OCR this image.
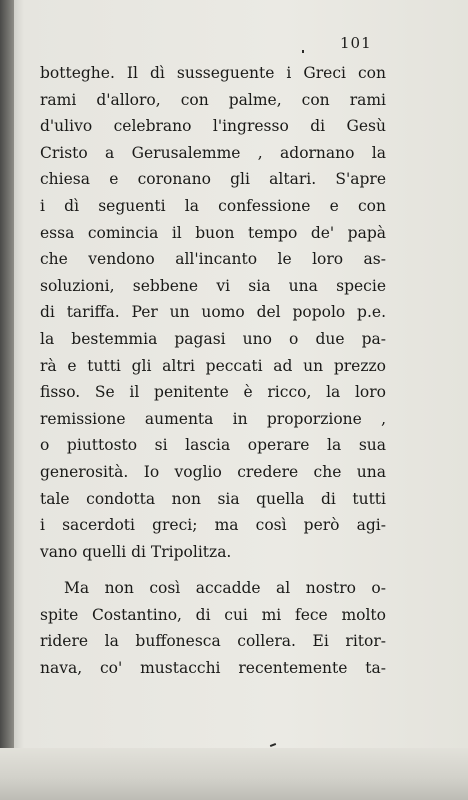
101
botteghe. Il dì susseguente i Greci con
rami d'alloro, con palme, con rami
d'ulivo celebrano l'ingresso di Gesù
Cristo a Gerusalemme , adornano la
chiesa e coronano gli altari. S'apre
i dì seguenti la confessione e con
essa comincia il buon tempo de' papà
che vendono all'incanto le loro as-
soluzioni, sebbene vi sia una specie
di tariffa. Per un uomo del popolo p.e.
la bestemmia pagasi uno o due pa-
rà e tutti gli altri peccati ad un prezzo
fisso. Se il penitente è ricco, la loro
remissione aumenta in proporzione ,
o piuttosto si lascia operare la sua
generosità. Io voglio credere che una
tale condotta non sia quella di tutti
i sacerdoti greci; ma così però agi-
vano quelli di Tripolitza.
Ma non così accadde al nostro o-
spite Costantino, di cui mi fece molto
ridere la buffonesca collera. Ei ritor-
nava, co' mustacchi recentemente ta-
